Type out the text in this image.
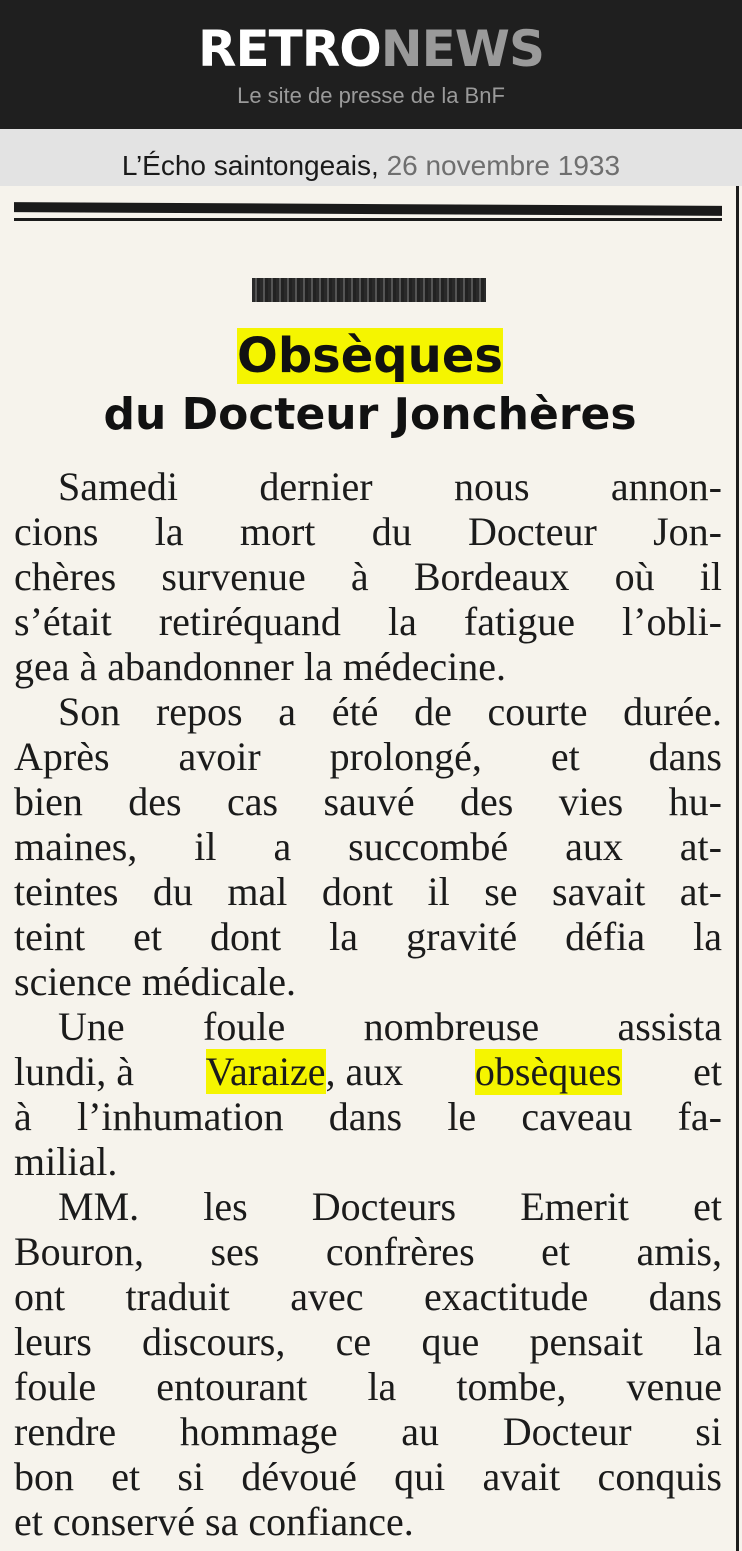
RETRONEWS
Le site de presse de la BnF
L’Écho saintongeais, 26 novembre 1933
Obsèques
du Docteur Jonchères
Samedi dernier nous annon-
cions la mort du Docteur Jon-
chères survenue à Bordeaux où il
s’était retiréquand la fatigue l’obli-
gea à abandonner la médecine.
Son repos a été de courte durée.
Après avoir prolongé, et dans
bien des cas sauvé des vies hu-
maines, il a succombé aux at-
teintes du mal dont il se savait at-
teint et dont la gravité défia la
science médicale.
Une foule nombreuse assista
lundi, à Varaize, aux obsèques et
à l’inhumation dans le caveau fa-
milial.
MM. les Docteurs Emerit et
Bouron, ses confrères et amis,
ont traduit avec exactitude dans
leurs discours, ce que pensait la
foule entourant la tombe, venue
rendre hommage au Docteur si
bon et si dévoué qui avait conquis
et conservé sa confiance.
